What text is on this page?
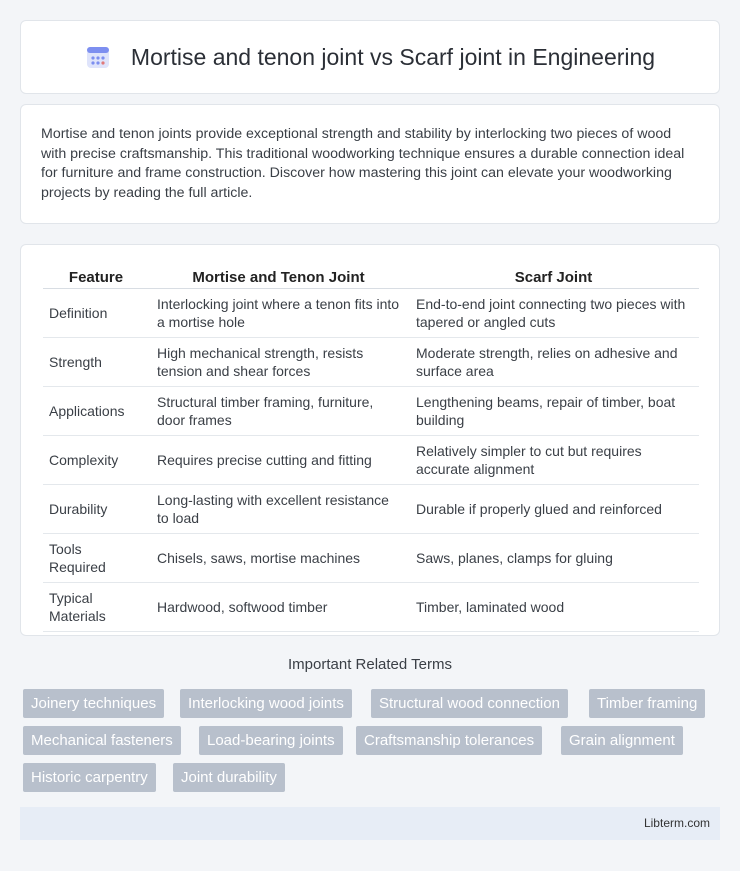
Mortise and tenon joint vs Scarf joint in Engineering

Mortise and tenon joints provide exceptional strength and stability by interlocking two pieces of wood with precise craftsmanship. This traditional woodworking technique ensures a durable connection ideal for furniture and frame construction. Discover how mastering this joint can elevate your woodworking projects by reading the full article.

Feature	Mortise and Tenon Joint	Scarf Joint
Definition	Interlocking joint where a tenon fits into a mortise hole	End-to-end joint connecting two pieces with tapered or angled cuts
Strength	High mechanical strength, resists tension and shear forces	Moderate strength, relies on adhesive and surface area
Applications	Structural timber framing, furniture, door frames	Lengthening beams, repair of timber, boat building
Complexity	Requires precise cutting and fitting	Relatively simpler to cut but requires accurate alignment
Durability	Long-lasting with excellent resistance to load	Durable if properly glued and reinforced
Tools Required	Chisels, saws, mortise machines	Saws, planes, clamps for gluing
Typical Materials	Hardwood, softwood timber	Timber, laminated wood
Important Related Terms
Joinery techniques	Interlocking wood joints	Structural wood connection	Timber framing
Mechanical fasteners	Load-bearing joints	Craftsmanship tolerances	Grain alignment
Historic carpentry	Joint durability
Libterm.com
